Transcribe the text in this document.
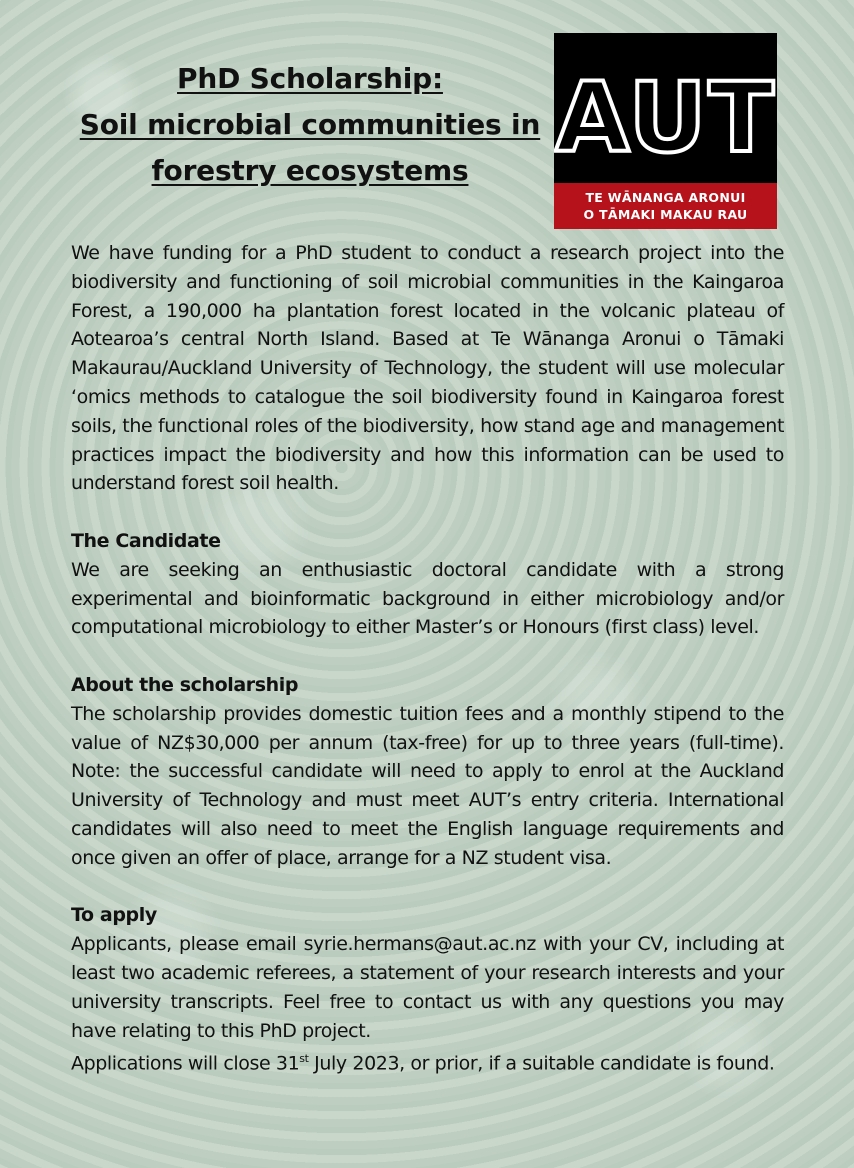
PhD Scholarship:
Soil microbial communities in
forestry ecosystems AUT
TE WĀNANGA ARONUI
O TĀMAKI MAKAU RAU

We have funding for a PhD student to conduct a research project into the biodiversity and functioning of soil microbial communities in the Kaingaroa Forest, a 190,000 ha plantation forest located in the volcanic plateau of Aotearoa’s central North Island. Based at Te Wānanga Aronui o Tāmaki Makaurau/Auckland University of Technology, the student will use molecular ‘omics methods to catalogue the soil biodiversity found in Kaingaroa forest soils, the functional roles of the biodiversity, how stand age and management practices impact the biodiversity and how this information can be used to understand forest soil health.

The Candidate

We are seeking an enthusiastic doctoral candidate with a strong experimental and bioinformatic background in either microbiology and/or computational microbiology to either Master’s or Honours (first class) level.

About the scholarship

The scholarship provides domestic tuition fees and a monthly stipend to the value of NZ$30,000 per annum (tax-free) for up to three years (full-time). Note: the successful candidate will need to apply to enrol at the Auckland University of Technology and must meet AUT’s entry criteria. International candidates will also need to meet the English language requirements and once given an offer of place, arrange for a NZ student visa.

To apply

Applicants, please email syrie.hermans@aut.ac.nz with your CV, including at least two academic referees, a statement of your research interests and your university transcripts. Feel free to contact us with any questions you may have relating to this PhD project.

Applications will close 31st July 2023, or prior, if a suitable candidate is found.
